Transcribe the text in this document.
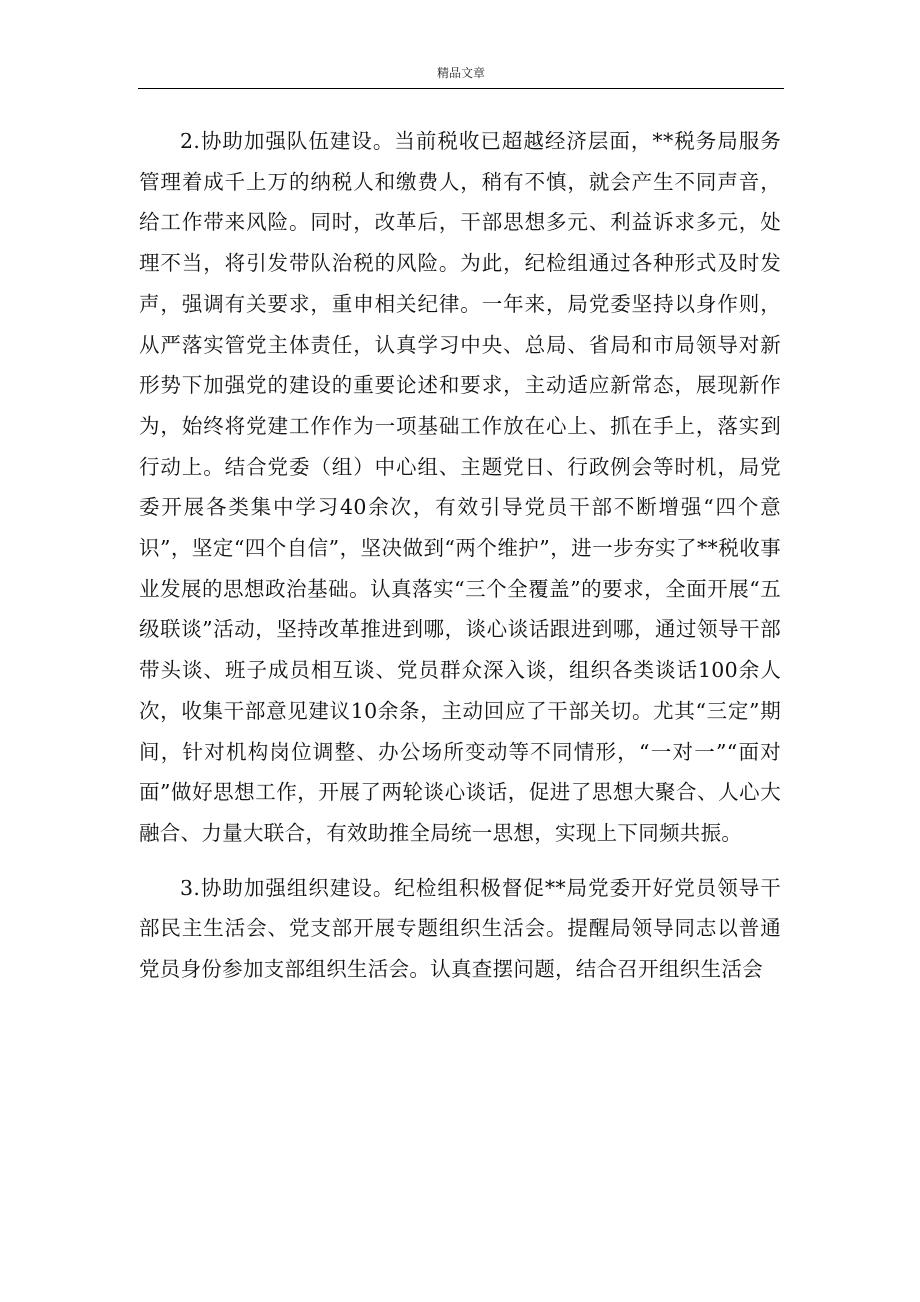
精品文章

2.协助加强队伍建设。当前税收已超越经济层面，**税务局服务管理着成千上万的纳税人和缴费人，稍有不慎，就会产生不同声音，给工作带来风险。同时，改革后，干部思想多元、利益诉求多元，处理不当，将引发带队治税的风险。为此，纪检组通过各种形式及时发声，强调有关要求，重申相关纪律。一年来，局党委坚持以身作则，从严落实管党主体责任，认真学习中央、总局、省局和市局领导对新形势下加强党的建设的重要论述和要求，主动适应新常态，展现新作为，始终将党建工作作为一项基础工作放在心上、抓在手上，落实到行动上。结合党委（组）中心组、主题党日、行政例会等时机，局党委开展各类集中学习40余次，有效引导党员干部不断增强“四个意识”，坚定“四个自信”，坚决做到“两个维护”，进一步夯实了**税收事业发展的思想政治基础。认真落实“三个全覆盖”的要求，全面开展“五级联谈”活动，坚持改革推进到哪，谈心谈话跟进到哪，通过领导干部带头谈、班子成员相互谈、党员群众深入谈，组织各类谈话100余人次，收集干部意见建议10余条，主动回应了干部关切。尤其“三定”期间，针对机构岗位调整、办公场所变动等不同情形，“一对一”“面对面”做好思想工作，开展了两轮谈心谈话，促进了思想大聚合、人心大融合、力量大联合，有效助推全局统一思想，实现上下同频共振。

3.协助加强组织建设。纪检组积极督促**局党委开好党员领导干部民主生活会、党支部开展专题组织生活会。提醒局领导同志以普通党员身份参加支部组织生活会。认真查摆问题，结合召开组织生活会
